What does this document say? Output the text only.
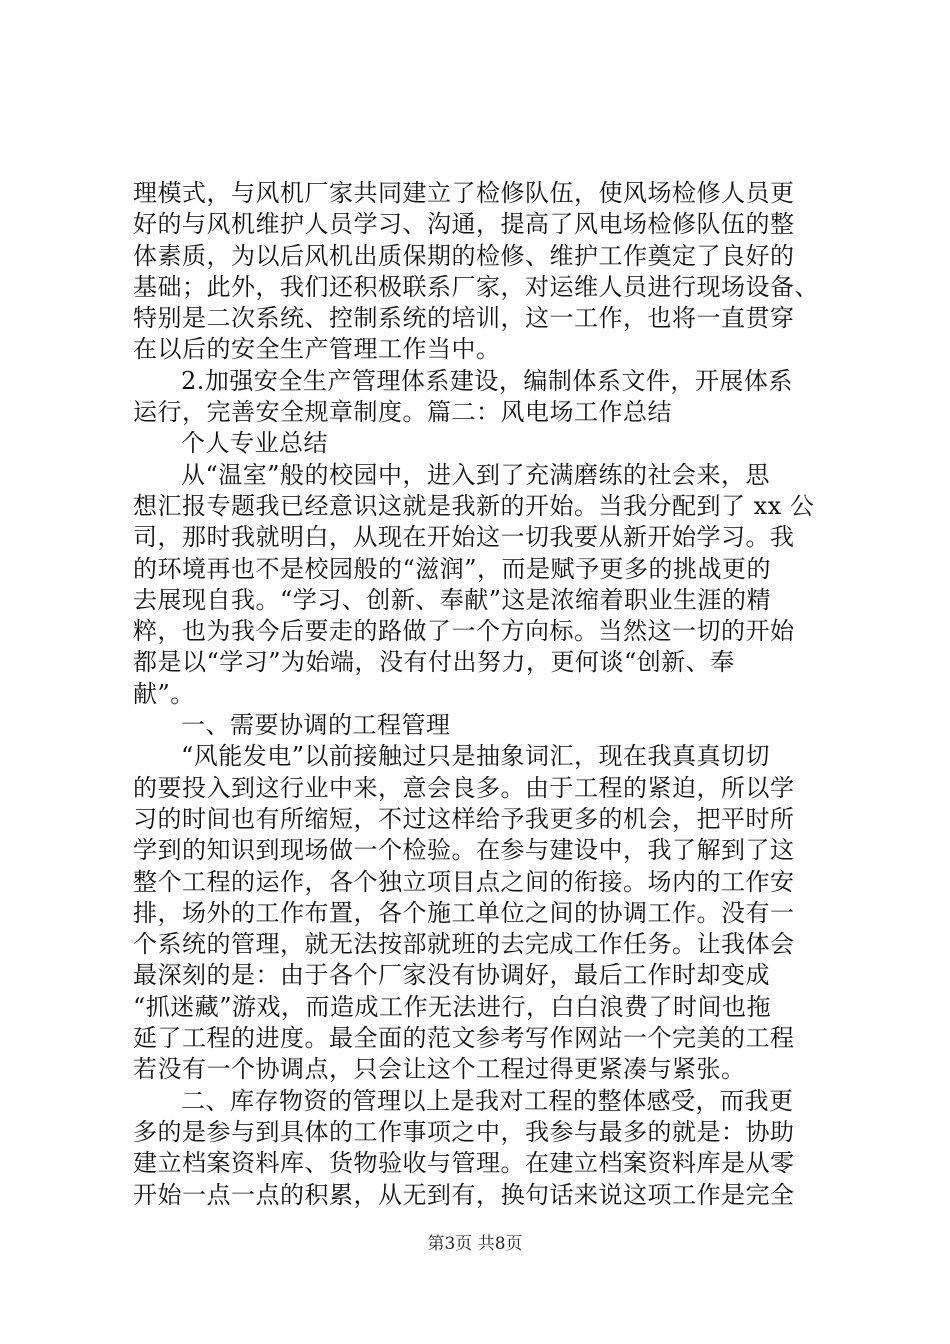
理模式，与风机厂家共同建立了检修队伍，使风场检修人员更
好的与风机维护人员学习、沟通，提高了风电场检修队伍的整
体素质，为以后风机出质保期的检修、维护工作奠定了良好的
基础；此外，我们还积极联系厂家，对运维人员进行现场设备、
特别是二次系统、控制系统的培训，这一工作，也将一直贯穿
在以后的安全生产管理工作当中。
2.加强安全生产管理体系建设，编制体系文件，开展体系
运行，完善安全规章制度。篇二：风电场工作总结
个人专业总结
从“温室”般的校园中，进入到了充满磨练的社会来，思
想汇报专题我已经意识这就是我新的开始。当我分配到了 xx 公
司，那时我就明白，从现在开始这一切我要从新开始学习。我
的环境再也不是校园般的“滋润”，而是赋予更多的挑战更的
去展现自我。“学习、创新、奉献”这是浓缩着职业生涯的精
粹，也为我今后要走的路做了一个方向标。当然这一切的开始
都是以“学习”为始端，没有付出努力，更何谈“创新、奉
献”。
一、需要协调的工程管理
“风能发电”以前接触过只是抽象词汇，现在我真真切切
的要投入到这行业中来，意会良多。由于工程的紧迫，所以学
习的时间也有所缩短，不过这样给予我更多的机会，把平时所
学到的知识到现场做一个检验。在参与建设中，我了解到了这
整个工程的运作，各个独立项目点之间的衔接。场内的工作安
排，场外的工作布置，各个施工单位之间的协调工作。没有一
个系统的管理，就无法按部就班的去完成工作任务。让我体会
最深刻的是：由于各个厂家没有协调好，最后工作时却变成
“抓迷藏”游戏，而造成工作无法进行，白白浪费了时间也拖
延了工程的进度。最全面的范文参考写作网站一个完美的工程
若没有一个协调点，只会让这个工程过得更紧凑与紧张。
二、库存物资的管理以上是我对工程的整体感受，而我更
多的是参与到具体的工作事项之中，我参与最多的就是：协助
建立档案资料库、货物验收与管理。在建立档案资料库是从零
开始一点一点的积累，从无到有，换句话来说这项工作是完全
第3页 共8页
